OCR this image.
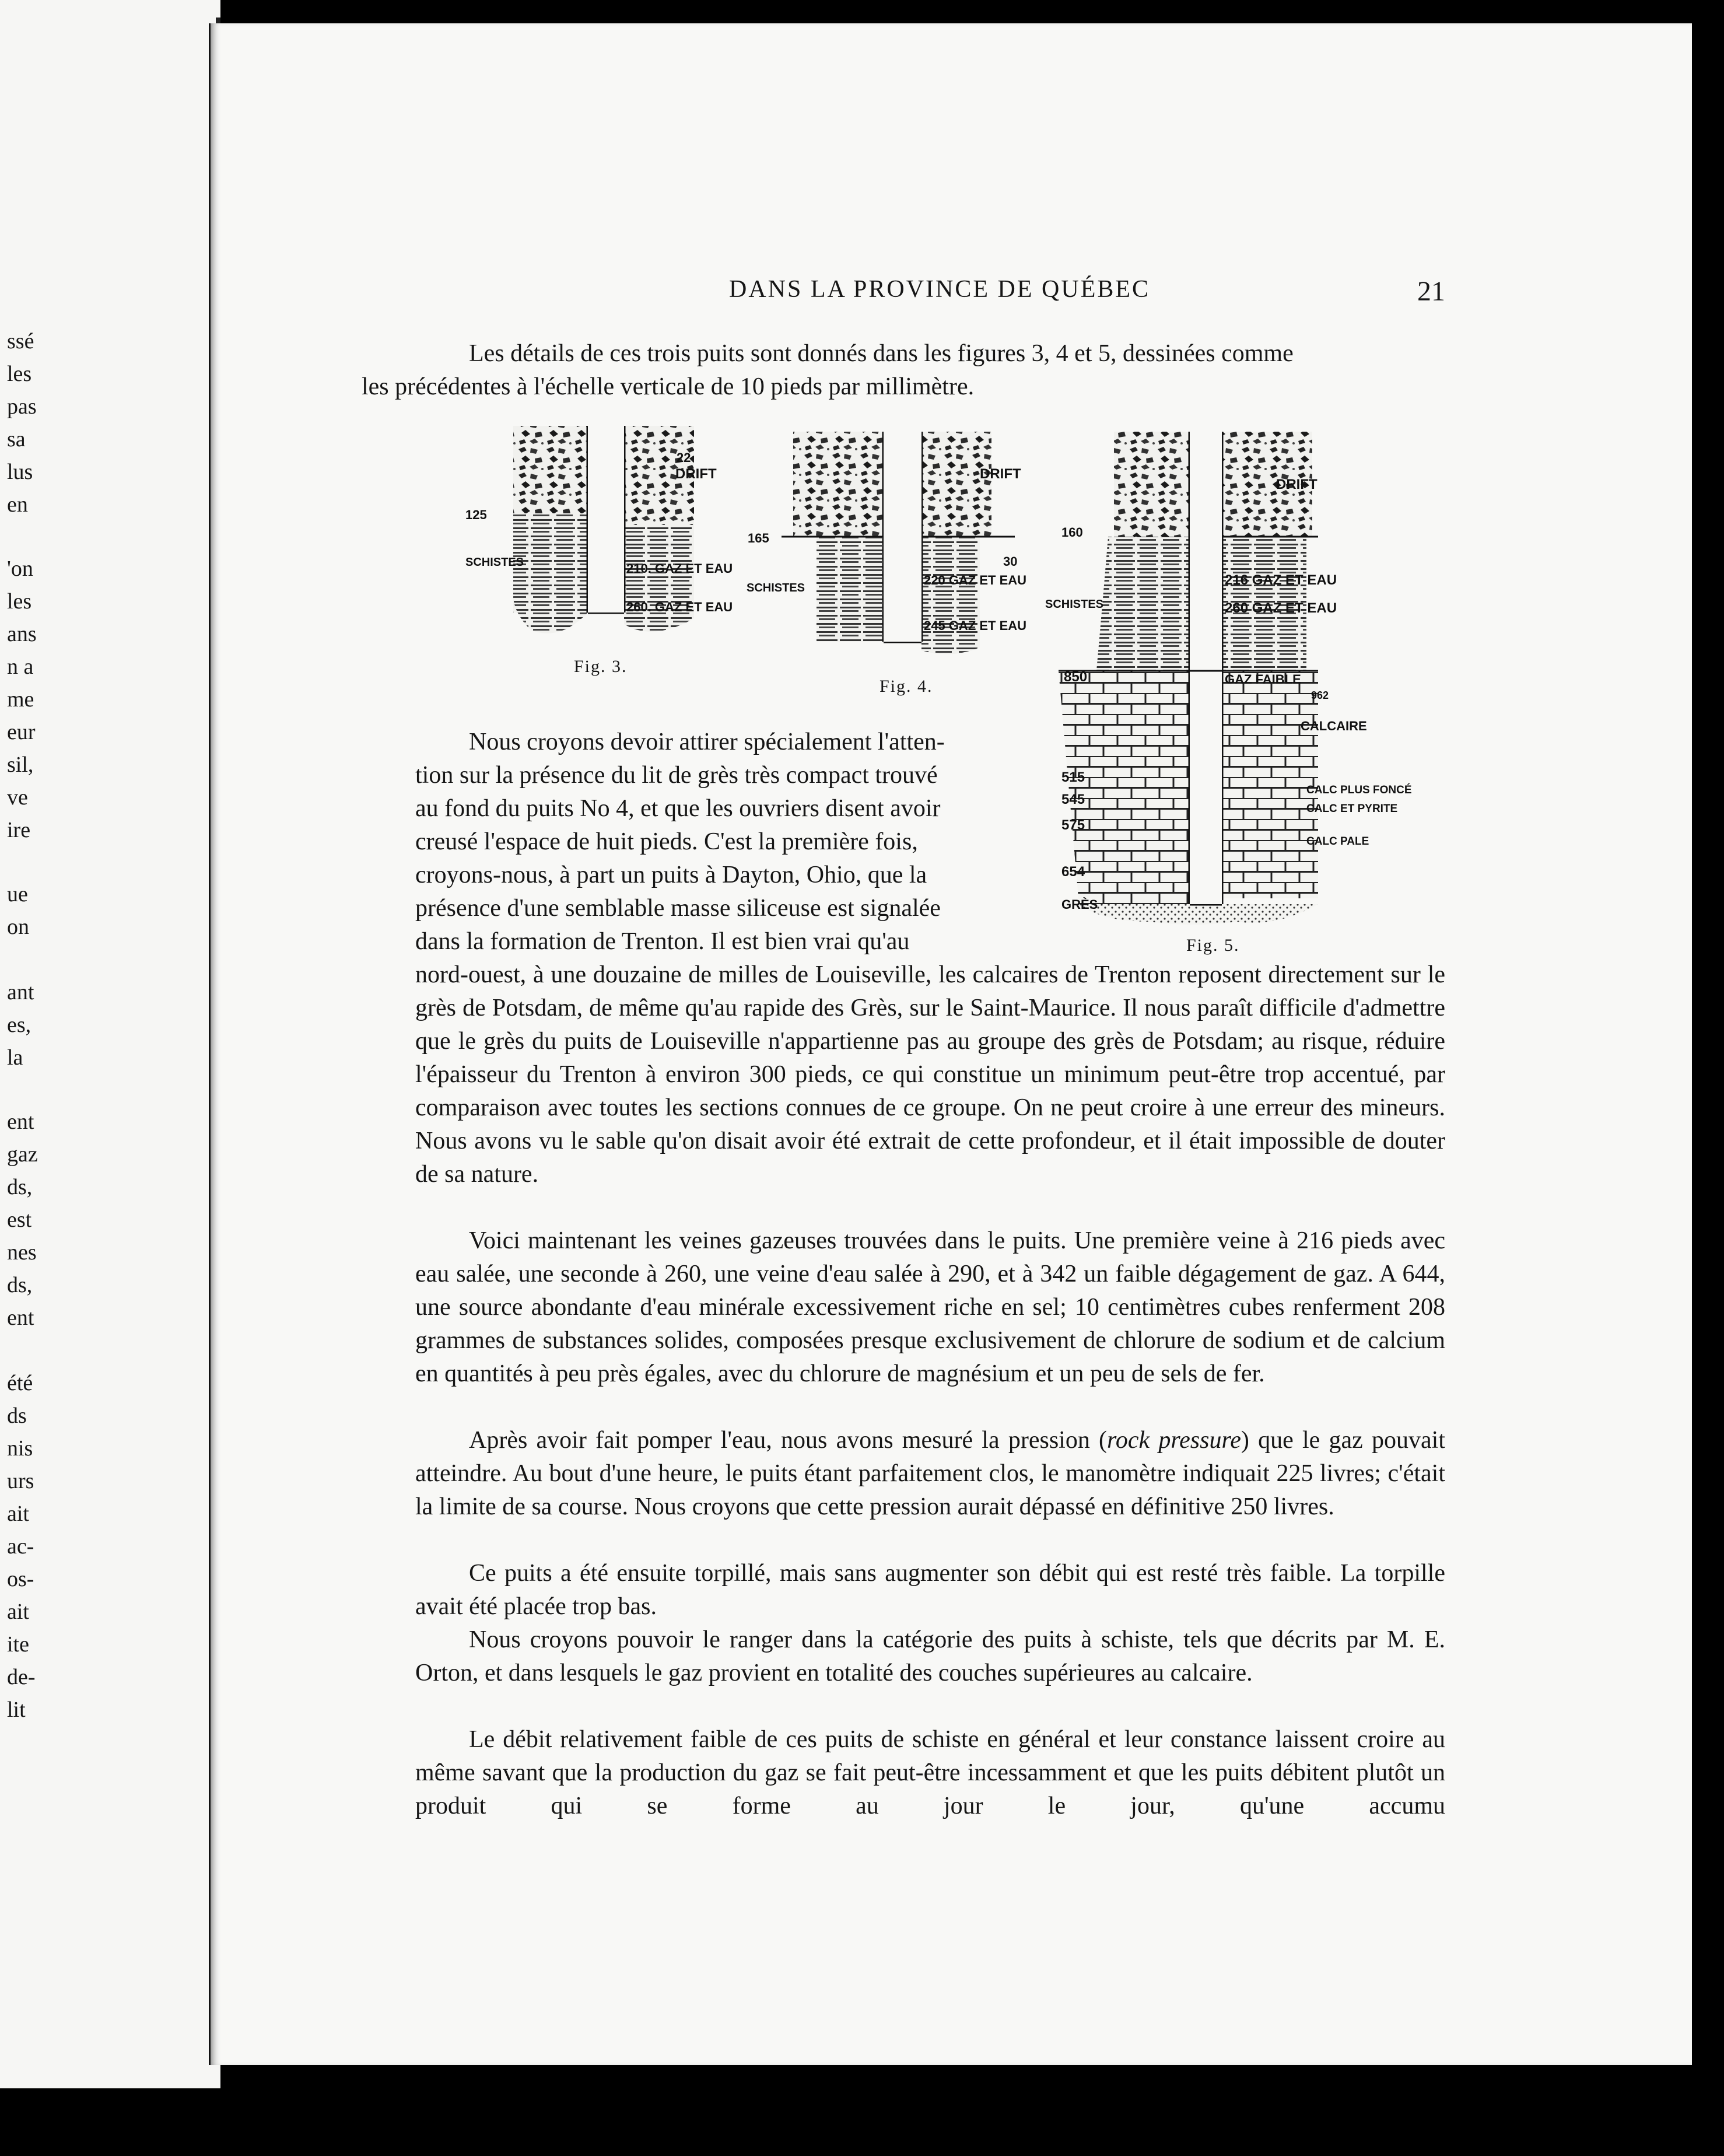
ssé
les
pas
sa
lus
en
'on
les
ans
n a
me
eur
sil,
ve
ire
ue
on
ant
es,
la
ent
gaz
ds,
est
nes
ds,
ent
été
ds
nis
urs
ait
ac-
os-
ait
ite
de-
lit
DANS LA PROVINCE DE QUÉBEC	21
Les détails de ces trois puits sont donnés dans les figures 3, 4 et 5, dessinées comme
les précédentes à l'échelle verticale de 10 pieds par millimètre.
22
DRIFT
125
SCHISTES	210. GAZ ET EAU
260. GAZ ET EAU
Fig. 3.
DRIFT
165
30
SCHISTES
220 GAZ ET EAU
245 GAZ ET EAU
Fig. 4.
DRIFT
160
216 GAZ ET EAU
260 GAZ ET EAU
SCHISTES
850	GAZ FAIBLE
962
CALCAIRE
515
545
575
654
GRÈS
CALC PLUS FONCÉ
CALC ET PYRITE
CALC PALE
Fig. 5.
Nous croyons devoir attirer spécialement l'atten-
tion sur la présence du lit de grès très compact trouvé
au fond du puits No 4, et que les ouvriers disent avoir
creusé l'espace de huit pieds. C'est la première fois,
croyons-nous, à part un puits à Dayton, Ohio, que la
présence d'une semblable masse siliceuse est signalée
dans la formation de Trenton. Il est bien vrai qu'au
nord-ouest, à une douzaine de milles de Louiseville, les calcaires de Trenton reposent directement sur le grès de Potsdam, de même qu'au rapide des Grès, sur le Saint-Maurice. Il nous paraît difficile d'admettre que le grès du puits de Louiseville n'appartienne pas au groupe des grès de Potsdam; au risque, réduire l'épaisseur du Trenton à environ 300 pieds, ce qui constitue un minimum peut-être trop accentué, par comparaison avec toutes les sections connues de ce groupe. On ne peut croire à une erreur des mineurs. Nous avons vu le sable qu'on disait avoir été extrait de cette profondeur, et il était impossible de douter de sa nature.
Voici maintenant les veines gazeuses trouvées dans le puits. Une première veine à 216 pieds avec eau salée, une seconde à 260, une veine d'eau salée à 290, et à 342 un faible dégagement de gaz. A 644, une source abondante d'eau minérale excessivement riche en sel; 10 centimètres cubes renferment 208 grammes de substances solides, composées presque exclusivement de chlorure de sodium et de calcium en quantités à peu près égales, avec du chlorure de magnésium et un peu de sels de fer.
Après avoir fait pomper l'eau, nous avons mesuré la pression (rock pressure) que le gaz pouvait atteindre. Au bout d'une heure, le puits étant parfaitement clos, le manomètre indiquait 225 livres; c'était la limite de sa course. Nous croyons que cette pression aurait dépassé en définitive 250 livres.
Ce puits a été ensuite torpillé, mais sans augmenter son débit qui est resté très faible. La torpille avait été placée trop bas.
Nous croyons pouvoir le ranger dans la catégorie des puits à schiste, tels que décrits par M. E. Orton, et dans lesquels le gaz provient en totalité des couches supérieures au calcaire.
Le débit relativement faible de ces puits de schiste en général et leur constance laissent croire au même savant que la production du gaz se fait peut-être incessamment et que les puits débitent plutôt un produit qui se forme au jour le jour, qu'une accumu
